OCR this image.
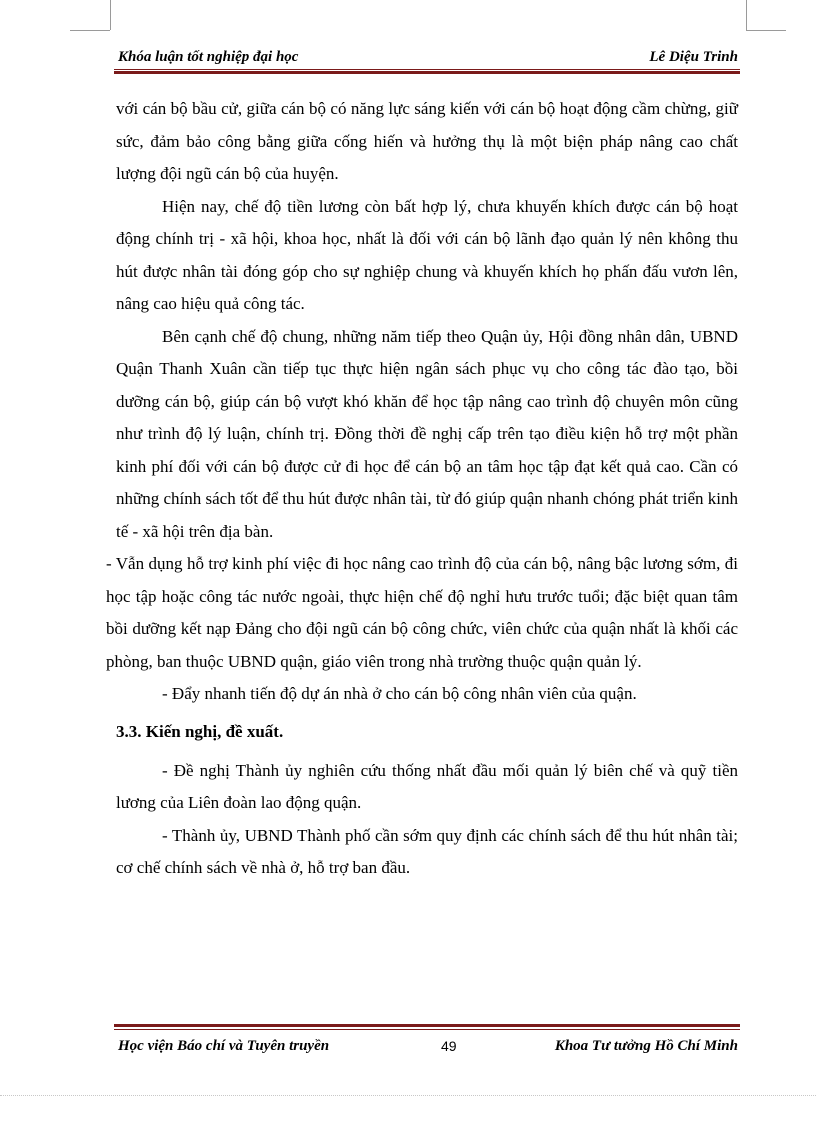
Khóa luận tốt nghiệp đại học	Lê Diệu Trinh

với cán bộ bầu cử, giữa cán bộ có năng lực sáng kiến với cán bộ hoạt động cầm chừng, giữ sức, đảm bảo công bằng giữa cống hiến và hưởng thụ là một biện pháp nâng cao chất lượng đội ngũ cán bộ của huyện.

Hiện nay, chế độ tiền lương còn bất hợp lý, chưa khuyến khích được cán bộ hoạt động chính trị - xã hội, khoa học, nhất là đối với cán bộ lãnh đạo quản lý nên không thu hút được nhân tài đóng góp cho sự nghiệp chung và khuyến khích họ phấn đấu vươn lên, nâng cao hiệu quả công tác.

Bên cạnh chế độ chung, những năm tiếp theo Quận ủy, Hội đồng nhân dân, UBND Quận Thanh Xuân cần tiếp tục thực hiện ngân sách phục vụ cho công tác đào tạo, bồi dưỡng cán bộ, giúp cán bộ vượt khó khăn để học tập nâng cao trình độ chuyên môn cũng như trình độ lý luận, chính trị. Đồng thời đề nghị cấp trên tạo điều kiện hỗ trợ một phần kinh phí đối với cán bộ được cử đi học để cán bộ an tâm học tập đạt kết quả cao. Cần có những chính sách tốt để thu hút được nhân tài, từ đó giúp quận nhanh chóng phát triển kinh tế - xã hội trên địa bàn.

- Vẫn dụng hỗ trợ kinh phí việc đi học nâng cao trình độ của cán bộ, nâng bậc lương sớm, đi học tập hoặc công tác nước ngoài, thực hiện chế độ nghỉ hưu trước tuổi; đặc biệt quan tâm bồi dưỡng kết nạp Đảng cho đội ngũ cán bộ công chức, viên chức của quận nhất là khối các phòng, ban thuộc UBND quận, giáo viên trong nhà trường thuộc quận quản lý.

- Đẩy nhanh tiến độ dự án nhà ở cho cán bộ công nhân viên của quận.

3.3. Kiến nghị, đề xuất.

- Đề nghị Thành ủy nghiên cứu thống nhất đầu mối quản lý biên chế và quỹ tiền lương của Liên đoàn lao động quận.

- Thành ủy, UBND Thành phố cần sớm quy định các chính sách để thu hút nhân tài; cơ chế chính sách về nhà ở, hỗ trợ ban đầu.

Học viện Báo chí và Tuyên truyền	49	Khoa Tư tưởng Hồ Chí Minh
